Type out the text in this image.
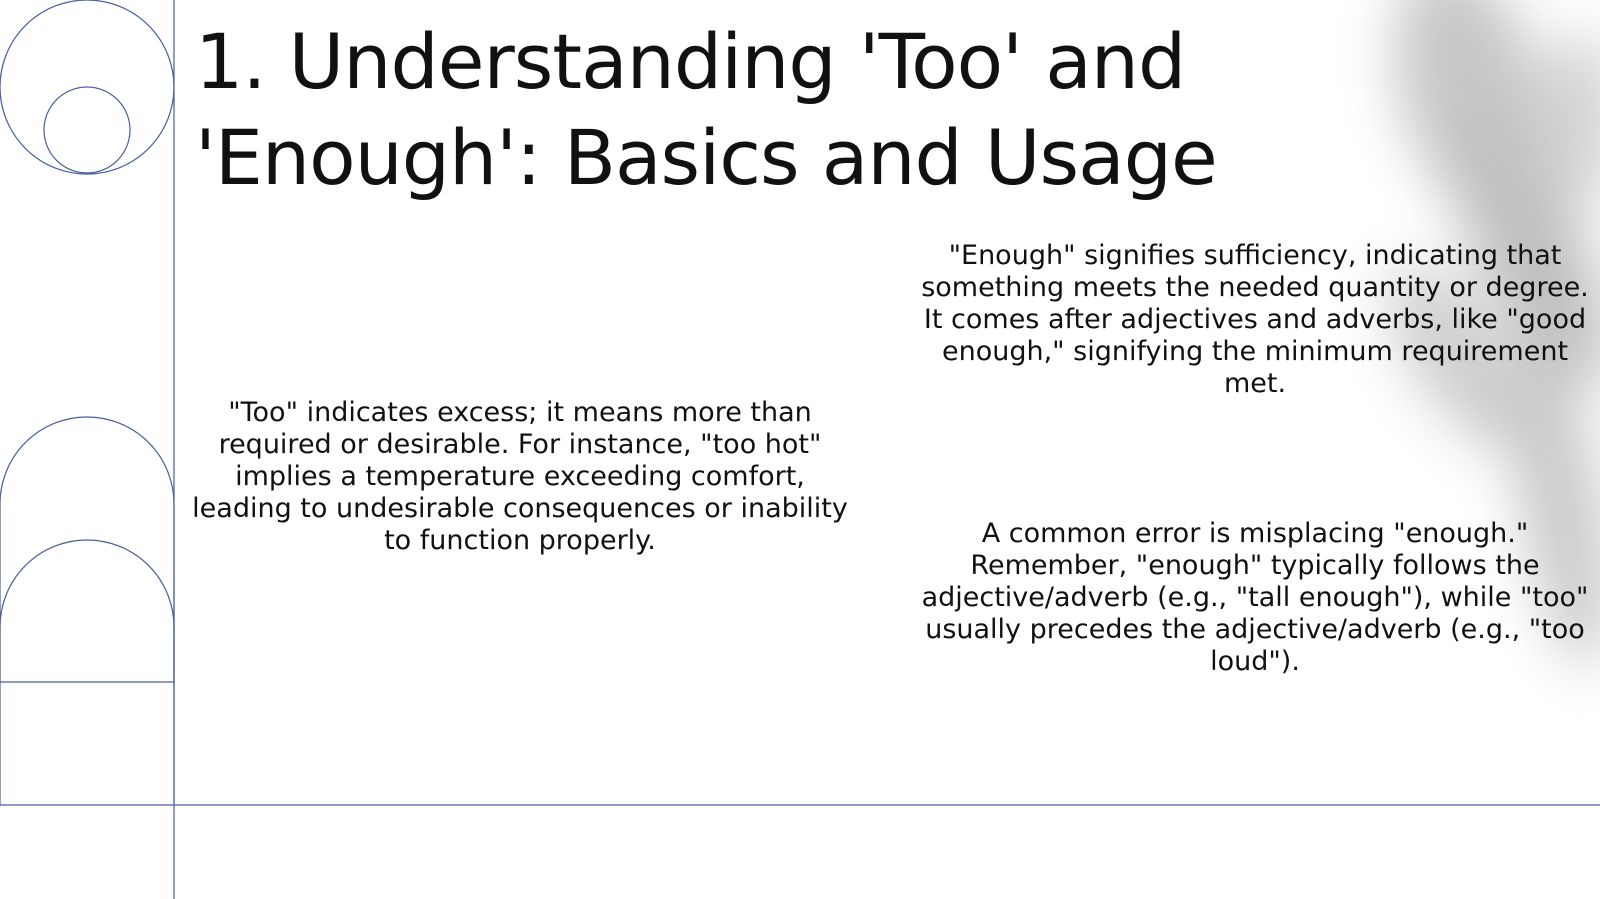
1. Understanding 'Too' and 'Enough': Basics and Usage

"Too" indicates excess; it means more than required or desirable. For instance, "too hot" implies a temperature exceeding comfort, leading to undesirable consequences or inability to function properly.

"Enough" signifies sufficiency, indicating that something meets the needed quantity or degree. It comes after adjectives and adverbs, like "good enough," signifying the minimum requirement met.

A common error is misplacing "enough." Remember, "enough" typically follows the adjective/adverb (e.g., "tall enough"), while "too" usually precedes the adjective/adverb (e.g., "too loud").
